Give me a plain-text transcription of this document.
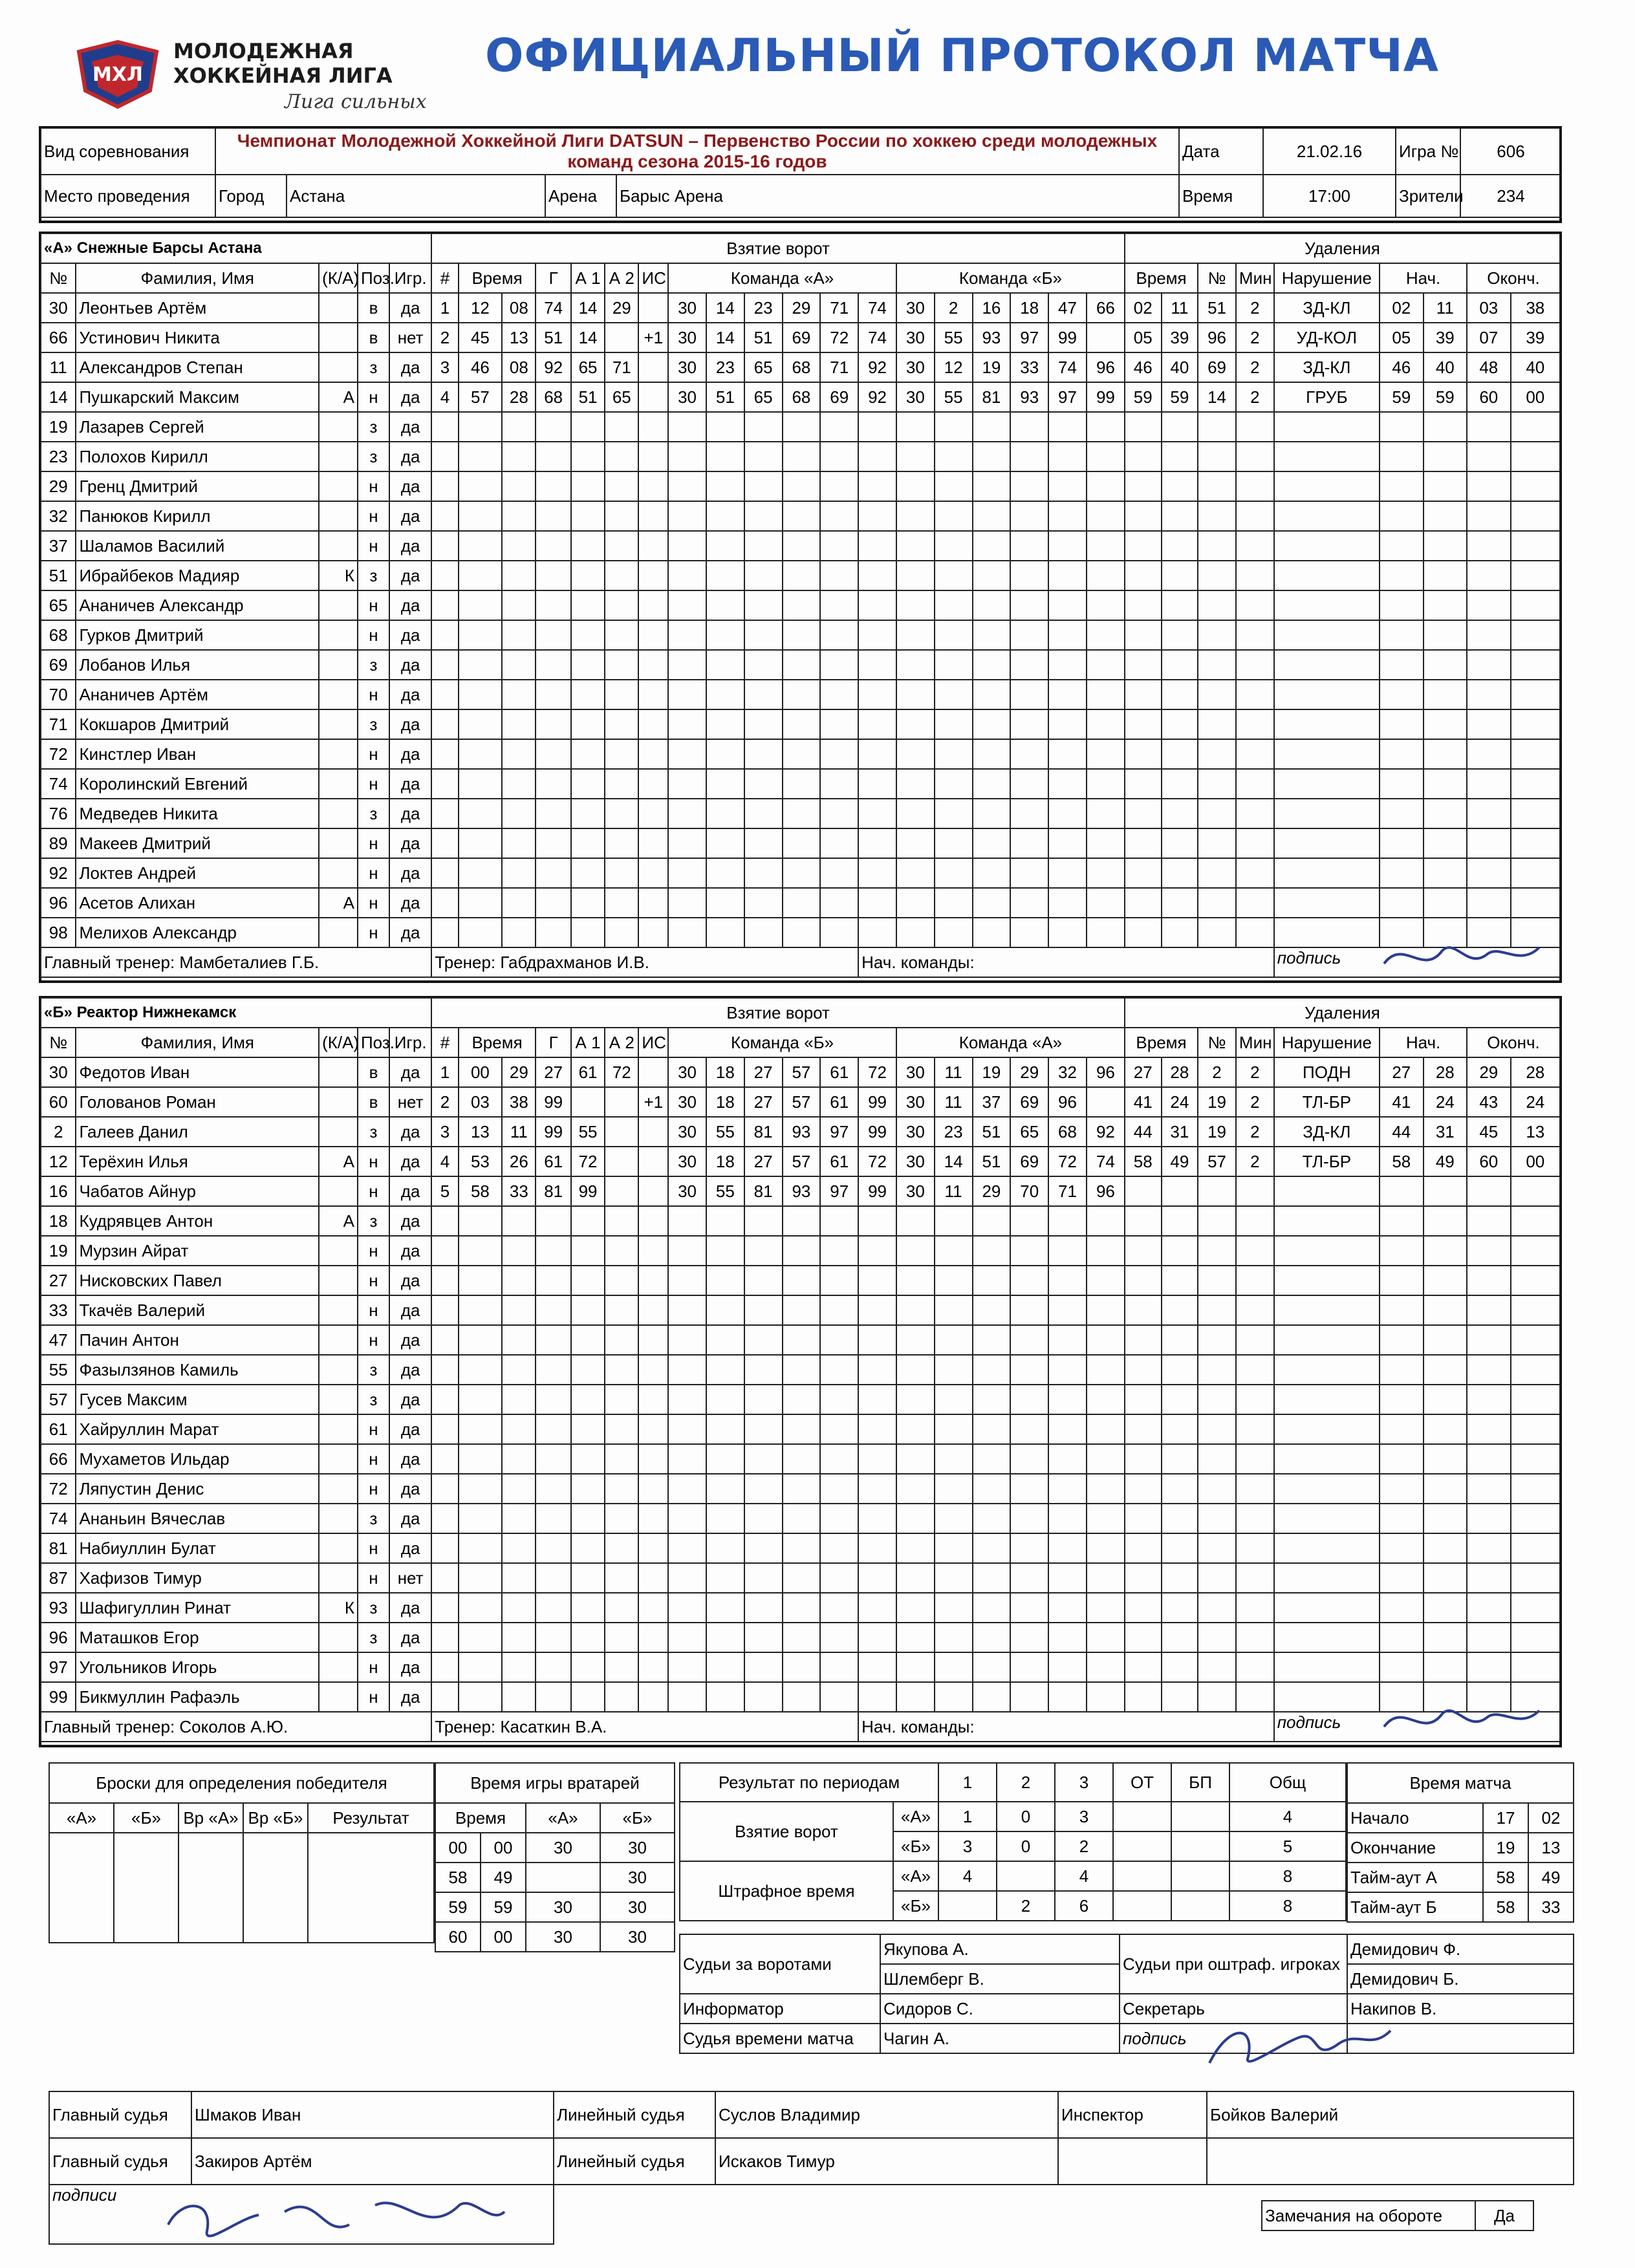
МХЛ
МОЛОДЕЖНАЯ
ХОККЕЙНАЯ ЛИГА
Лига сильных
ОФИЦИАЛЬНЫЙ ПРОТОКОЛ МАТЧА
Вид соревнования	Чемпионат Молодежной Хоккейной Лиги DATSUN – Первенство России по хоккею среди молодежных команд сезона 2015-16 годов				Дата	21.02.16	Игра №	606
Место проведения	Город	Астана	Арена	Барыс Арена	Время	17:00	Зрители	234
«А» Снежные Барсы Астана					Взятие ворот																			Удаления								
№	Фамилия, Имя	(К/А)	Поз.	Игр.	#	Время		Г	А 1	А 2	ИС	Команда «А»						Команда «Б»						Время		№	Мин	Нарушение	Нач.		Оконч.	
30	Леонтьев Артём		в	да	1	12	08	74	14	29		30	14	23	29	71	74	30	2	16	18	47	66	02	11	51	2	ЗД-КЛ	02	11	03	38
66	Устинович Никита		в	нет	2	45	13	51	14		+1	30	14	51	69	72	74	30	55	93	97	99		05	39	96	2	УД-КОЛ	05	39	07	39
11	Александров Степан		з	да	3	46	08	92	65	71		30	23	65	68	71	92	30	12	19	33	74	96	46	40	69	2	ЗД-КЛ	46	40	48	40
14	Пушкарский Максим	А	н	да	4	57	28	68	51	65		30	51	65	68	69	92	30	55	81	93	97	99	59	59	14	2	ГРУБ	59	59	60	00
19	Лазарев Сергей		з	да																												
23	Полохов Кирилл		з	да																												
29	Гренц Дмитрий		н	да																												
32	Панюков Кирилл		н	да																												
37	Шаламов Василий		н	да																												
51	Ибрайбеков Мадияр	К	з	да																												
65	Ананичев Александр		н	да																												
68	Гурков Дмитрий		н	да																												
69	Лобанов Илья		з	да																												
70	Ананичев Артём		н	да																												
71	Кокшаров Дмитрий		з	да																												
72	Кинстлер Иван		н	да																												
74	Королинский Евгений		н	да																												
76	Медведев Никита		з	да																												
89	Макеев Дмитрий		н	да																												
92	Локтев Андрей		н	да																												
96	Асетов Алихан	А	н	да																												
98	Мелихов Александр		н	да																												
Главный тренер: Мамбеталиев Г.Б.					Тренер: Габдрахманов И.В.												Нач. команды:											подпись				
«Б» Реактор Нижнекамск					Взятие ворот																			Удаления								
№	Фамилия, Имя	(К/А)	Поз.	Игр.	#	Время		Г	А 1	А 2	ИС	Команда «Б»						Команда «А»						Время		№	Мин	Нарушение	Нач.		Оконч.	
30	Федотов Иван		в	да	1	00	29	27	61	72		30	18	27	57	61	72	30	11	19	29	32	96	27	28	2	2	ПОДН	27	28	29	28
60	Голованов Роман		в	нет	2	03	38	99			+1	30	18	27	57	61	99	30	11	37	69	96		41	24	19	2	ТЛ-БР	41	24	43	24
2	Галеев Данил		з	да	3	13	11	99	55			30	55	81	93	97	99	30	23	51	65	68	92	44	31	19	2	ЗД-КЛ	44	31	45	13
12	Терёхин Илья	А	н	да	4	53	26	61	72			30	18	27	57	61	72	30	14	51	69	72	74	58	49	57	2	ТЛ-БР	58	49	60	00
16	Чабатов Айнур		н	да	5	58	33	81	99			30	55	81	93	97	99	30	11	29	70	71	96									
18	Кудрявцев Антон	А	з	да																												
19	Мурзин Айрат		н	да																												
27	Нисковских Павел		н	да																												
33	Ткачёв Валерий		н	да																												
47	Пачин Антон		н	да																												
55	Фазылзянов Камиль		з	да																												
57	Гусев Максим		з	да																												
61	Хайруллин Марат		н	да																												
66	Мухаметов Ильдар		н	да																												
72	Ляпустин Денис		н	да																												
74	Ананьин Вячеслав		з	да																												
81	Набиуллин Булат		н	да																												
87	Хафизов Тимур		н	нет																												
93	Шафигуллин Ринат	К	з	да																												
96	Маташков Егор		з	да																												
97	Угольников Игорь		н	да																												
99	Бикмуллин Рафаэль		н	да																												
Главный тренер: Соколов А.Ю.					Тренер: Касаткин В.А.												Нач. команды:											подпись				
Броски для определения победителя				
«А»	«Б»	Вр «А»	Вр «Б»	Результат

Время игры вратарей			
Время		«А»	«Б»
00	00	30	30
58	49		30
59	59	30	30
60	00	30	30
Результат по периодам		1	2	3	ОТ	БП	Общ
Взятие ворот	«А»	1	0	3			4
	«Б»	3	0	2			5
Штрафное время	«А»	4		4			8
	«Б»		2	6			8
Время матча		
Начало	17	02
Окончание	19	13
Тайм-аут А	58	49
Тайм-аут Б	58	33
Судьи за воротами	Якупова А.	Судьи при оштраф. игроках	Демидович Ф.
	Шлемберг В.		Демидович Б.
Информатор	Сидоров С.	Секретарь	Накипов В.
Судья времени матча	Чагин А.	подпись	
Главный судья	Шмаков Иван	Линейный судья	Суслов Владимир	Инспектор	Бойков Валерий
Главный судья	Закиров Артём	Линейный судья	Искаков Тимур		
подписи					
Замечания на обороте	Да
